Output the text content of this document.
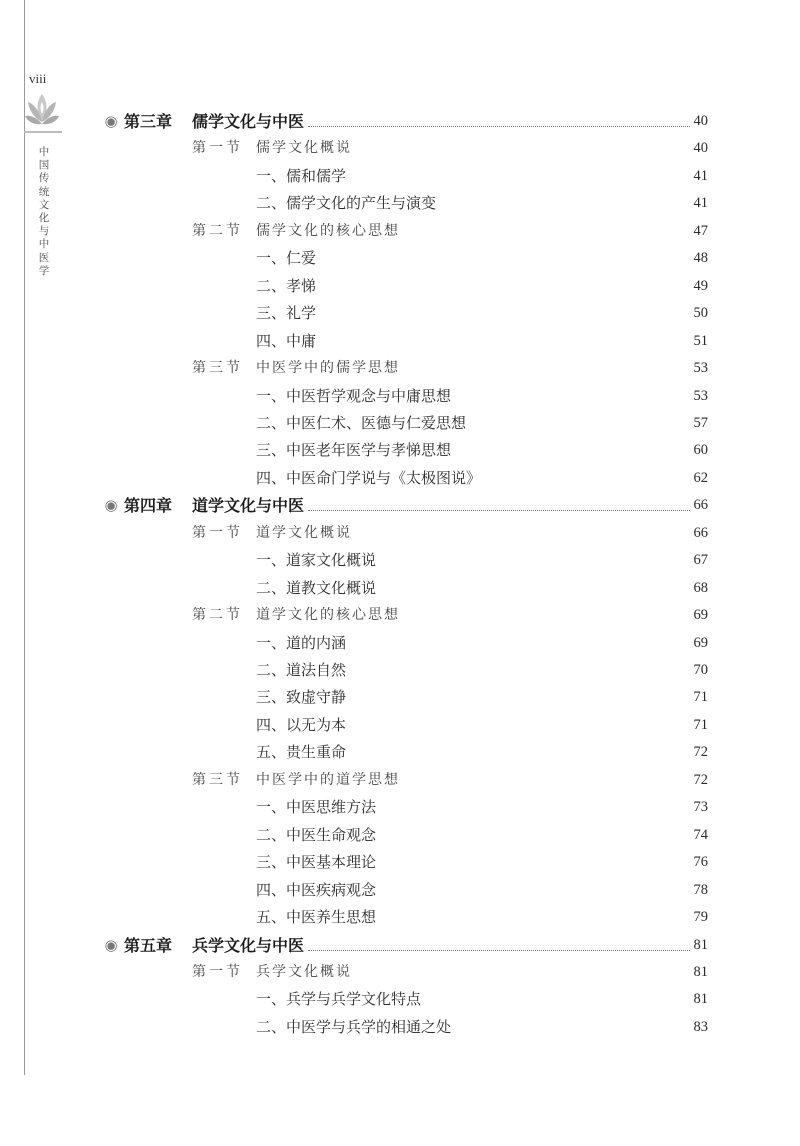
viii
中国传统文化与中医学
◉ 第三章 儒学文化与中医	40
第一节 儒学文化概说	40
一、儒和儒学	41
二、儒学文化的产生与演变	41
第二节 儒学文化的核心思想	47
一、仁爱	48
二、孝悌	49
三、礼学	50
四、中庸	51
第三节 中医学中的儒学思想	53
一、中医哲学观念与中庸思想	53
二、中医仁术、医德与仁爱思想	57
三、中医老年医学与孝悌思想	60
四、中医命门学说与《太极图说》	62
◉ 第四章 道学文化与中医	66
第一节 道学文化概说	66
一、道家文化概说	67
二、道教文化概说	68
第二节 道学文化的核心思想	69
一、道的内涵	69
二、道法自然	70
三、致虚守静	71
四、以无为本	71
五、贵生重命	72
第三节 中医学中的道学思想	72
一、中医思维方法	73
二、中医生命观念	74
三、中医基本理论	76
四、中医疾病观念	78
五、中医养生思想	79
◉ 第五章 兵学文化与中医	81
第一节 兵学文化概说	81
一、兵学与兵学文化特点	81
二、中医学与兵学的相通之处	83
